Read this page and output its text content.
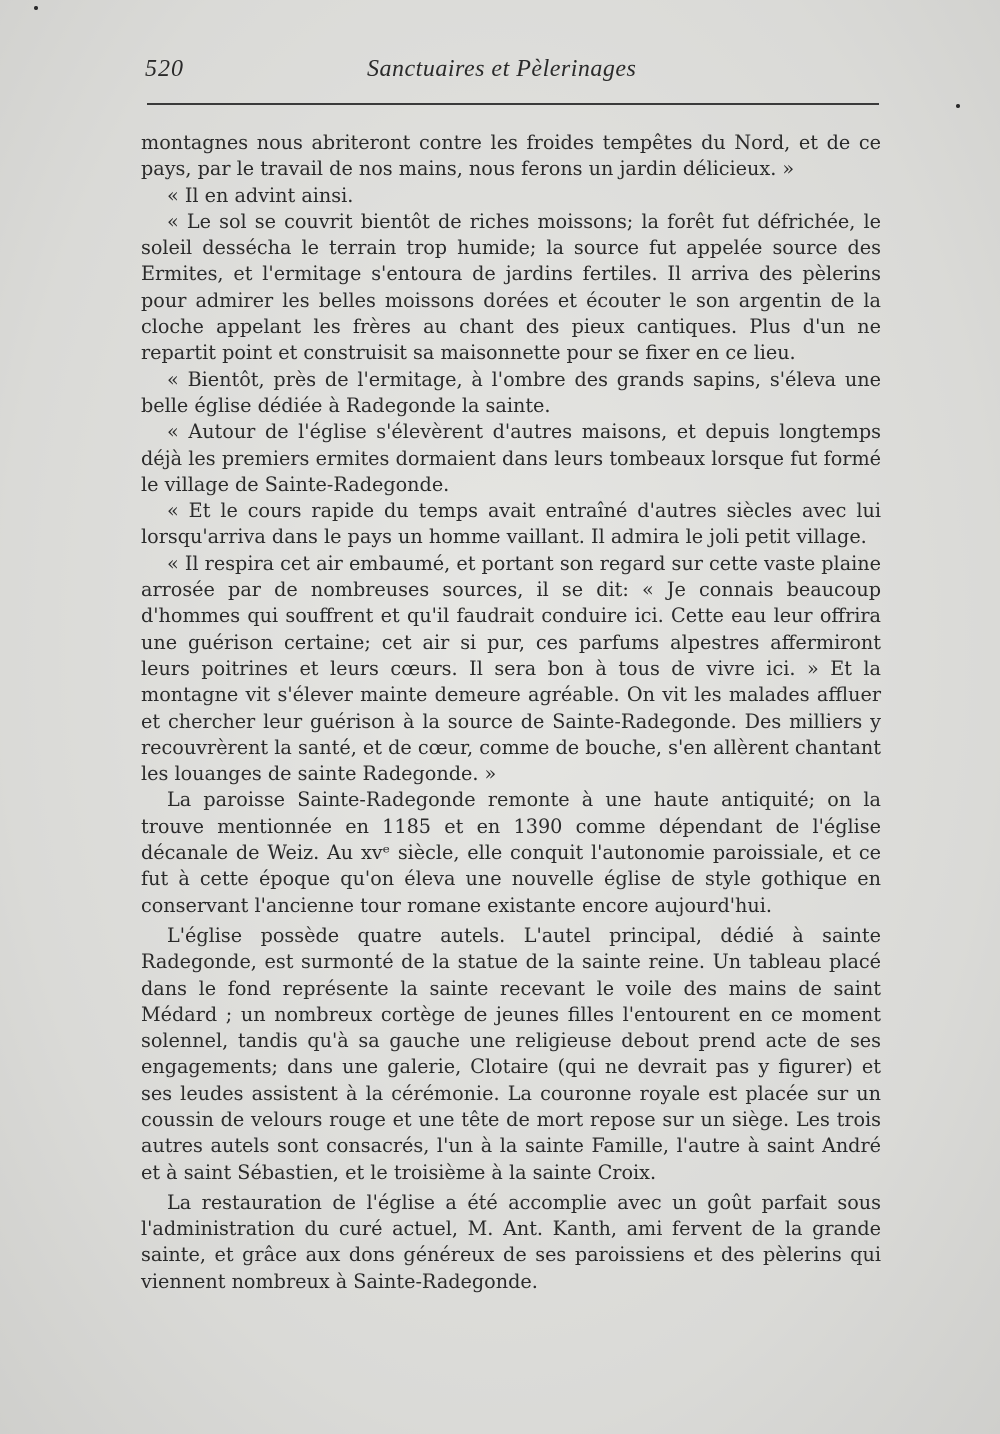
520	Sanctuaires et Pèlerinages

montagnes nous abriteront contre les froides tempêtes du Nord, et de ce pays, par le travail de nos mains, nous ferons un jardin délicieux. »

« Il en advint ainsi.

« Le sol se couvrit bientôt de riches moissons; la forêt fut défrichée, le soleil dessécha le terrain trop humide; la source fut appelée source des Ermites, et l'ermitage s'entoura de jardins fertiles. Il arriva des pèlerins pour admirer les belles moissons dorées et écouter le son argentin de la cloche appelant les frères au chant des pieux cantiques. Plus d'un ne repartit point et construisit sa maisonnette pour se fixer en ce lieu.

« Bientôt, près de l'ermitage, à l'ombre des grands sapins, s'éleva une belle église dédiée à Radegonde la sainte.

« Autour de l'église s'élevèrent d'autres maisons, et depuis longtemps déjà les premiers ermites dormaient dans leurs tombeaux lorsque fut formé le village de Sainte-Radegonde.

« Et le cours rapide du temps avait entraîné d'autres siècles avec lui lorsqu'arriva dans le pays un homme vaillant. Il admira le joli petit village.

« Il respira cet air embaumé, et portant son regard sur cette vaste plaine arrosée par de nombreuses sources, il se dit: « Je connais beaucoup d'hommes qui souffrent et qu'il faudrait conduire ici. Cette eau leur offrira une guérison certaine; cet air si pur, ces parfums alpestres affermiront leurs poitrines et leurs cœurs. Il sera bon à tous de vivre ici. » Et la montagne vit s'élever mainte demeure agréable. On vit les malades affluer et chercher leur guérison à la source de Sainte-Radegonde. Des milliers y recouvrèrent la santé, et de cœur, comme de bouche, s'en allèrent chantant les louanges de sainte Radegonde. »

La paroisse Sainte-Radegonde remonte à une haute antiquité; on la trouve mentionnée en 1185 et en 1390 comme dépendant de l'église décanale de Weiz. Au xvᵉ siècle, elle conquit l'autonomie paroissiale, et ce fut à cette époque qu'on éleva une nouvelle église de style gothique en conservant l'ancienne tour romane existante encore aujourd'hui.

L'église possède quatre autels. L'autel principal, dédié à sainte Radegonde, est surmonté de la statue de la sainte reine. Un tableau placé dans le fond représente la sainte recevant le voile des mains de saint Médard ; un nombreux cortège de jeunes filles l'entourent en ce moment solennel, tandis qu'à sa gauche une religieuse debout prend acte de ses engagements; dans une galerie, Clotaire (qui ne devrait pas y figurer) et ses leudes assistent à la cérémonie. La couronne royale est placée sur un coussin de velours rouge et une tête de mort repose sur un siège. Les trois autres autels sont consacrés, l'un à la sainte Famille, l'autre à saint André et à saint Sébastien, et le troisième à la sainte Croix.

La restauration de l'église a été accomplie avec un goût parfait sous l'administration du curé actuel, M. Ant. Kanth, ami fervent de la grande sainte, et grâce aux dons généreux de ses paroissiens et des pèlerins qui viennent nombreux à Sainte-Radegonde.
